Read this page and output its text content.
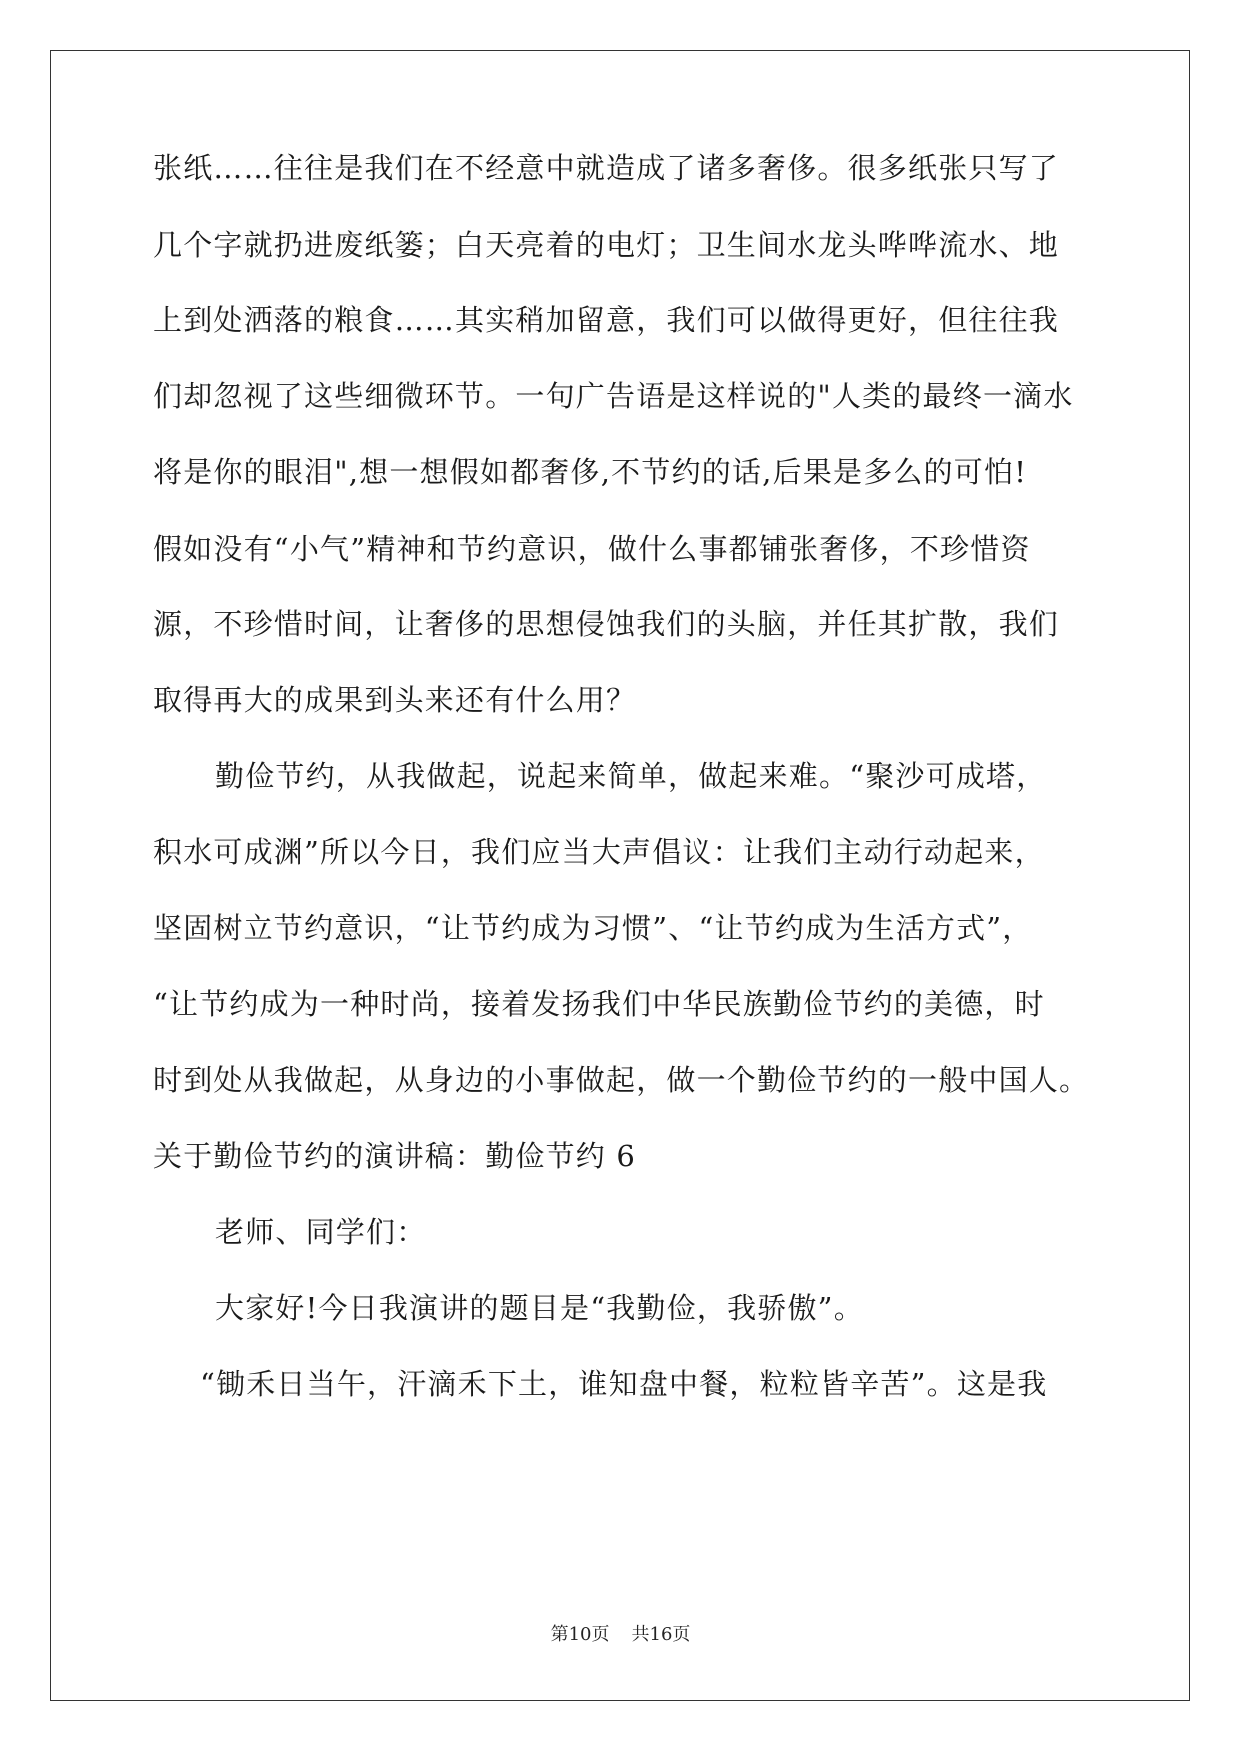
张纸……往往是我们在不经意中就造成了诸多奢侈。很多纸张只写了
几个字就扔进废纸篓；白天亮着的电灯；卫生间水龙头哗哗流水、地
上到处洒落的粮食……其实稍加留意，我们可以做得更好，但往往我
们却忽视了这些细微环节。一句广告语是这样说的"人类的最终一滴水
将是你的眼泪",想一想假如都奢侈,不节约的话,后果是多么的可怕!
假如没有“小气”精神和节约意识，做什么事都铺张奢侈，不珍惜资
源，不珍惜时间，让奢侈的思想侵蚀我们的头脑，并任其扩散，我们
取得再大的成果到头来还有什么用？
勤俭节约，从我做起，说起来简单，做起来难。“聚沙可成塔，
积水可成渊”所以今日，我们应当大声倡议：让我们主动行动起来，
坚固树立节约意识，“让节约成为习惯”、“让节约成为生活方式”，
“让节约成为一种时尚，接着发扬我们中华民族勤俭节约的美德，时
时到处从我做起，从身边的小事做起，做一个勤俭节约的一般中国人。
关于勤俭节约的演讲稿：勤俭节约 6
老师、同学们：
大家好!今日我演讲的题目是“我勤俭，我骄傲”。
“锄禾日当午，汗滴禾下土，谁知盘中餐，粒粒皆辛苦”。这是我
第10页 共16页
